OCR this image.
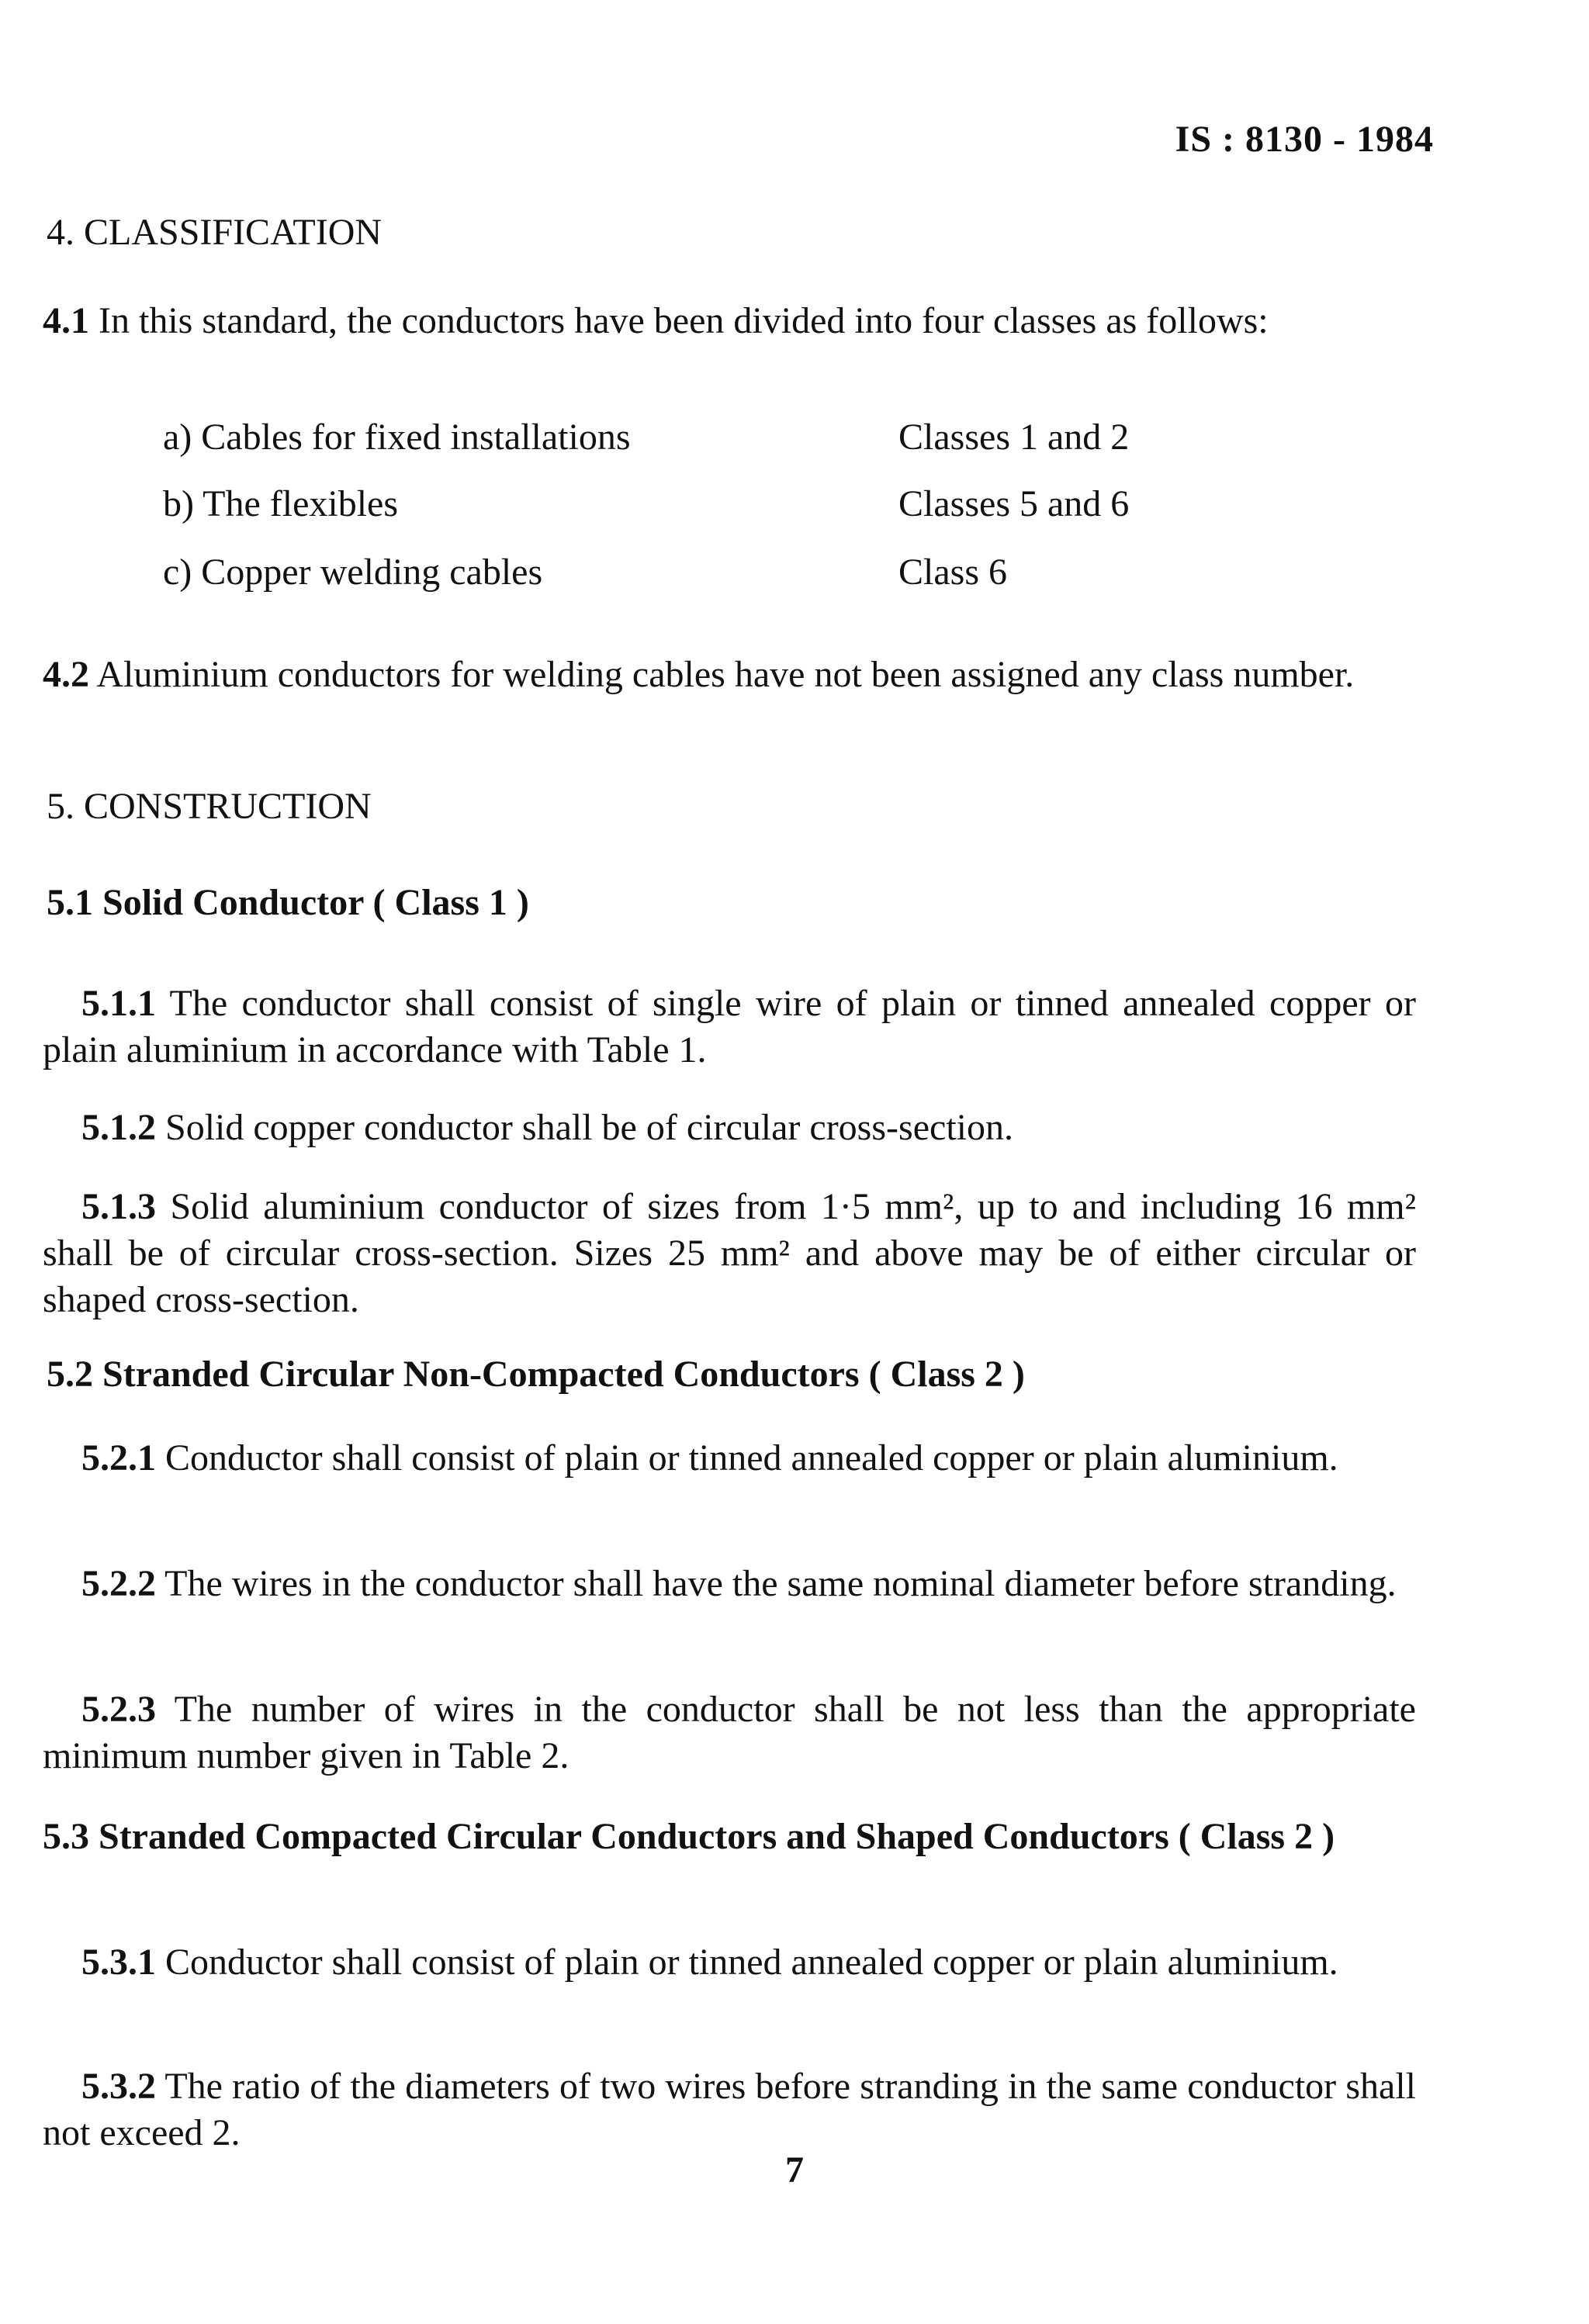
IS : 8130 - 1984
4. CLASSIFICATION
4.1 In this standard, the conductors have been divided into four classes as follows:
a) Cables for fixed installations	Classes 1 and 2
b) The flexibles	Classes 5 and 6
c) Copper welding cables	Class 6
4.2 Aluminium conductors for welding cables have not been assigned any class number.
5. CONSTRUCTION
5.1 Solid Conductor ( Class 1 )
5.1.1 The conductor shall consist of single wire of plain or tinned annealed copper or plain aluminium in accordance with Table 1.
5.1.2 Solid copper conductor shall be of circular cross-section.
5.1.3 Solid aluminium conductor of sizes from 1·5 mm², up to and including 16 mm² shall be of circular cross-section. Sizes 25 mm² and above may be of either circular or shaped cross-section.
5.2 Stranded Circular Non-Compacted Conductors ( Class 2 )
5.2.1 Conductor shall consist of plain or tinned annealed copper or plain aluminium.
5.2.2 The wires in the conductor shall have the same nominal diameter before stranding.
5.2.3 The number of wires in the conductor shall be not less than the appropriate minimum number given in Table 2.
5.3 Stranded Compacted Circular Conductors and Shaped Conductors ( Class 2 )
5.3.1 Conductor shall consist of plain or tinned annealed copper or plain aluminium.
5.3.2 The ratio of the diameters of two wires before stranding in the same conductor shall not exceed 2.
7
